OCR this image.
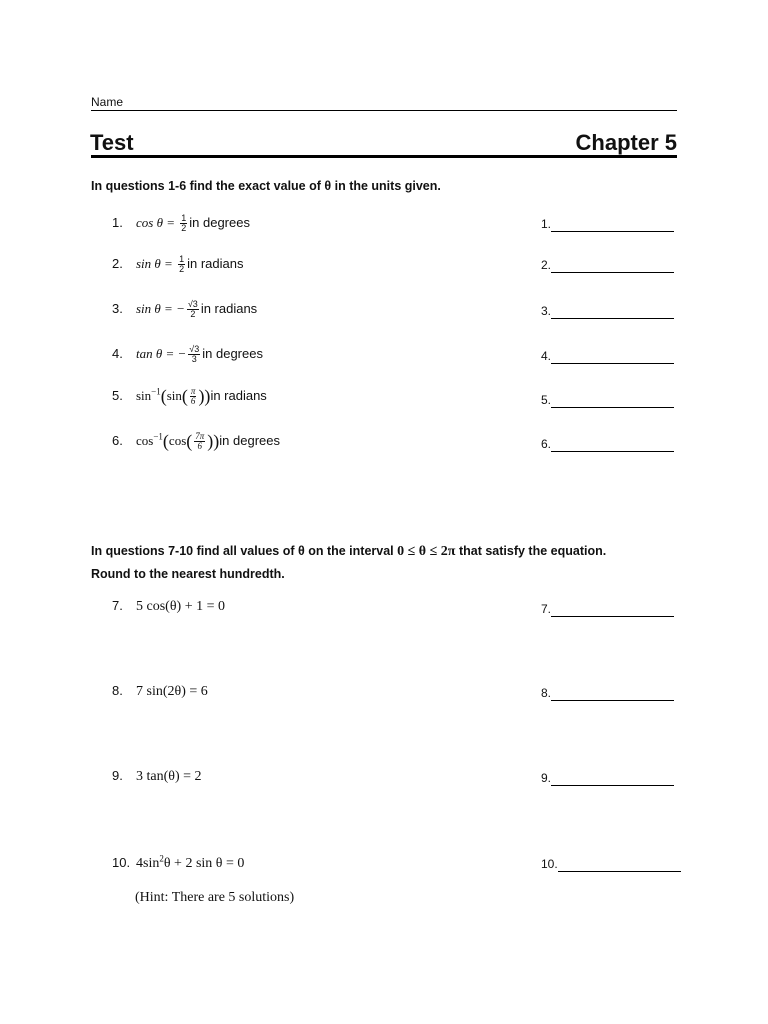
Name
Test	Chapter 5
In questions 1-6 find the exact value of θ in the units given.
1. $\cos \theta = \frac{1}{2}$ in degrees	1.
2. $\sin \theta = \frac{1}{2}$ in radians	2.
3. sin θ = − $\frac{√3}{2}$ in radians	3.
4. tan θ = − $\frac{√3}{3}$ in degrees	4.
5. $\sin^{-1}(\sin( \frac{\pi}{6} ))in$ radians	5.
6. $\cos^{-1}(\cos( \frac{7\pi}{6} ))in$ degrees	6.
In questions 7-10 find all values of θ on the interval 0 ≤ θ ≤ 2π that satisfy the equation.
Round to the nearest hundredth.
7. 5 cos(θ) + 1 = 0	7.
8. 7 sin(2θ) = 6	8.
9. 3 tan(θ) = 2	9.
10. $4\sin^2\theta + 2$ sin θ = 0	10.
(Hint: There are 5 solutions)
